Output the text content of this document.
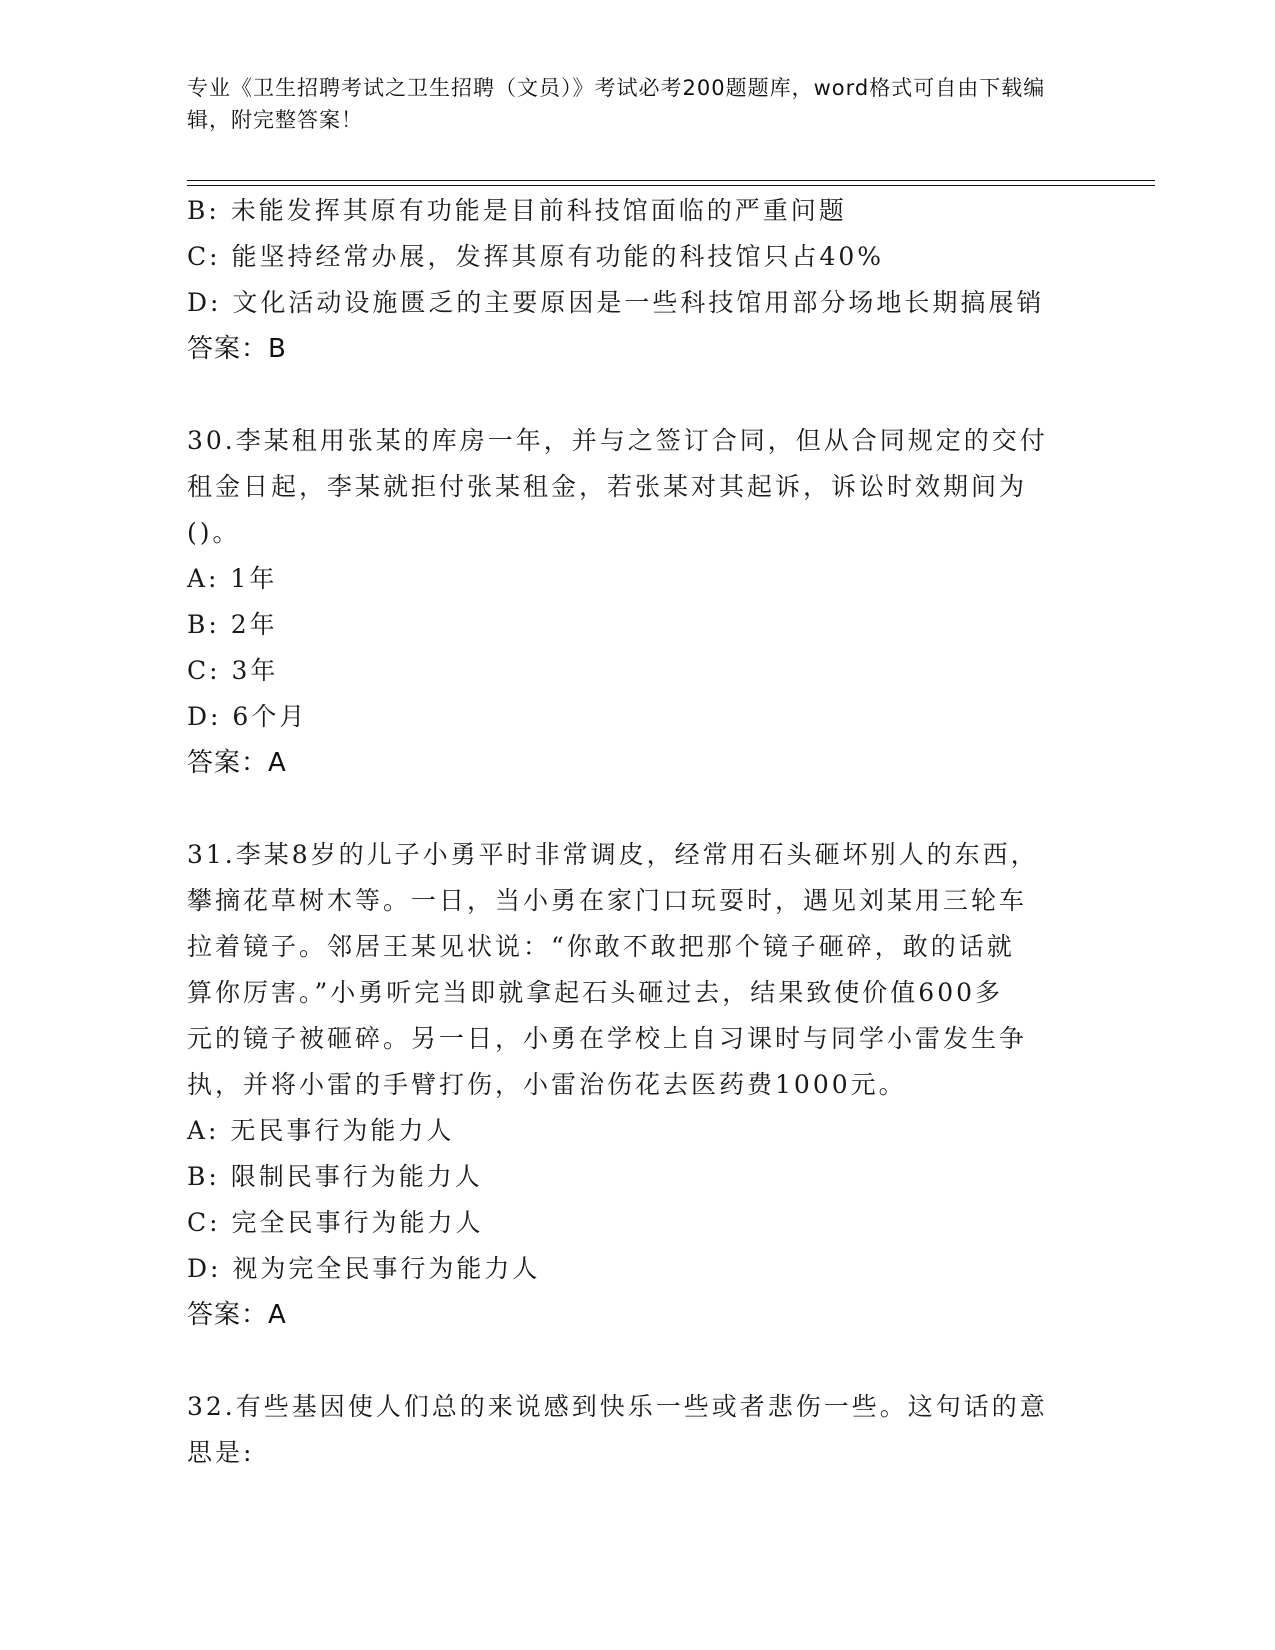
专业《卫生招聘考试之卫生招聘（文员）》考试必考200题题库，word格式可自由下载编辑，附完整答案！
B: 未能发挥其原有功能是目前科技馆面临的严重问题
C: 能坚持经常办展，发挥其原有功能的科技馆只占40%
D: 文化活动设施匮乏的主要原因是一些科技馆用部分场地长期搞展销
答案：B
30.李某租用张某的库房一年，并与之签订合同，但从合同规定的交付
租金日起，李某就拒付张某租金，若张某对其起诉，诉讼时效期间为
()。
A: 1年
B: 2年
C: 3年
D: 6个月
答案：A
31.李某8岁的儿子小勇平时非常调皮，经常用石头砸坏别人的东西，
攀摘花草树木等。一日，当小勇在家门口玩耍时，遇见刘某用三轮车
拉着镜子。邻居王某见状说：“你敢不敢把那个镜子砸碎，敢的话就
算你厉害。”小勇听完当即就拿起石头砸过去，结果致使价值600多
元的镜子被砸碎。另一日，小勇在学校上自习课时与同学小雷发生争
执，并将小雷的手臂打伤，小雷治伤花去医药费1000元。
A: 无民事行为能力人
B: 限制民事行为能力人
C: 完全民事行为能力人
D: 视为完全民事行为能力人
答案：A
32.有些基因使人们总的来说感到快乐一些或者悲伤一些。这句话的意
思是:
